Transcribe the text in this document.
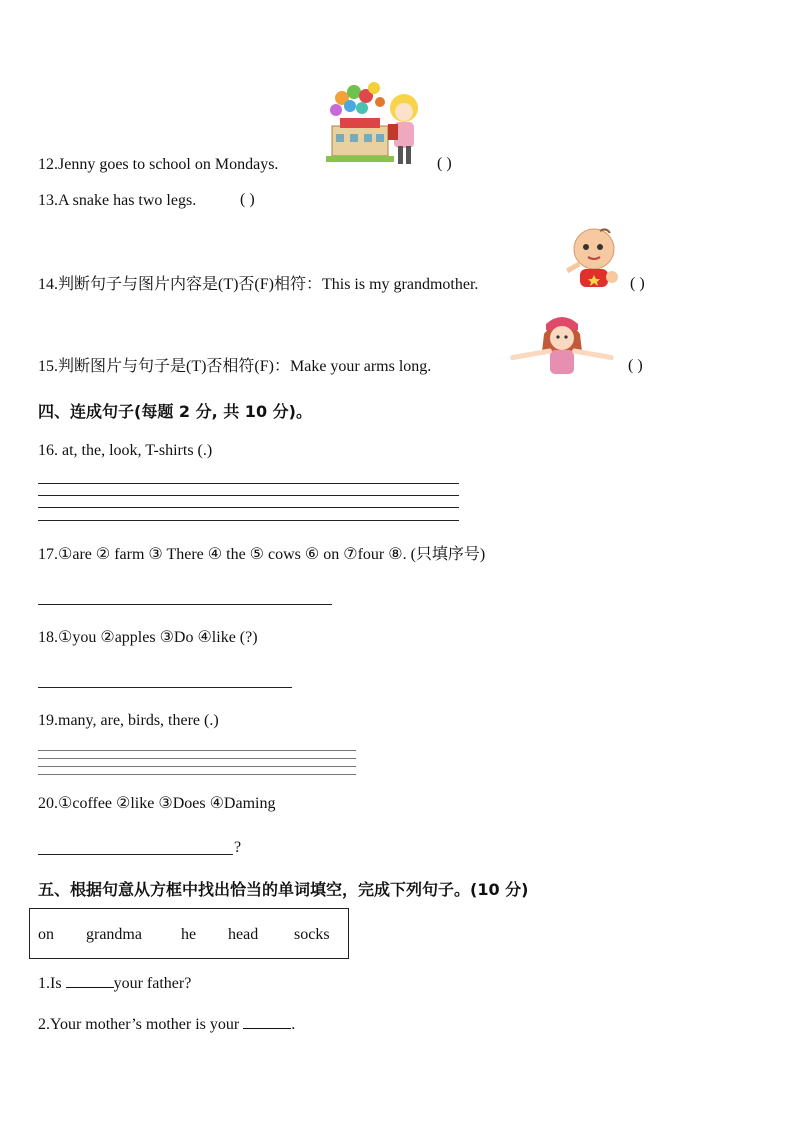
12.Jenny goes to school on Mondays.	( )
13.A snake has two legs.	( )
14.判断句子与图片内容是(T)否(F)相符：This is my grandmother.	( )
15.判断图片与句子是(T)否相符(F)：Make your arms long.	( )
四、连成句子(每题 2 分, 共 10 分)。
16. at, the, look, T-shirts (.)
17.①are ② farm ③ There ④ the ⑤ cows ⑥ on ⑦four ⑧. (只填序号)
18.①you ②apples ③Do ④like (?)
19.many, are, birds, there (.)
20.①coffee ②like ③Does ④Daming
?
五、根据句意从方框中找出恰当的单词填空，完成下列句子。(10 分)
on grandma he head socks
1.Is	your father?
2.Your mother’s mother is your	.
